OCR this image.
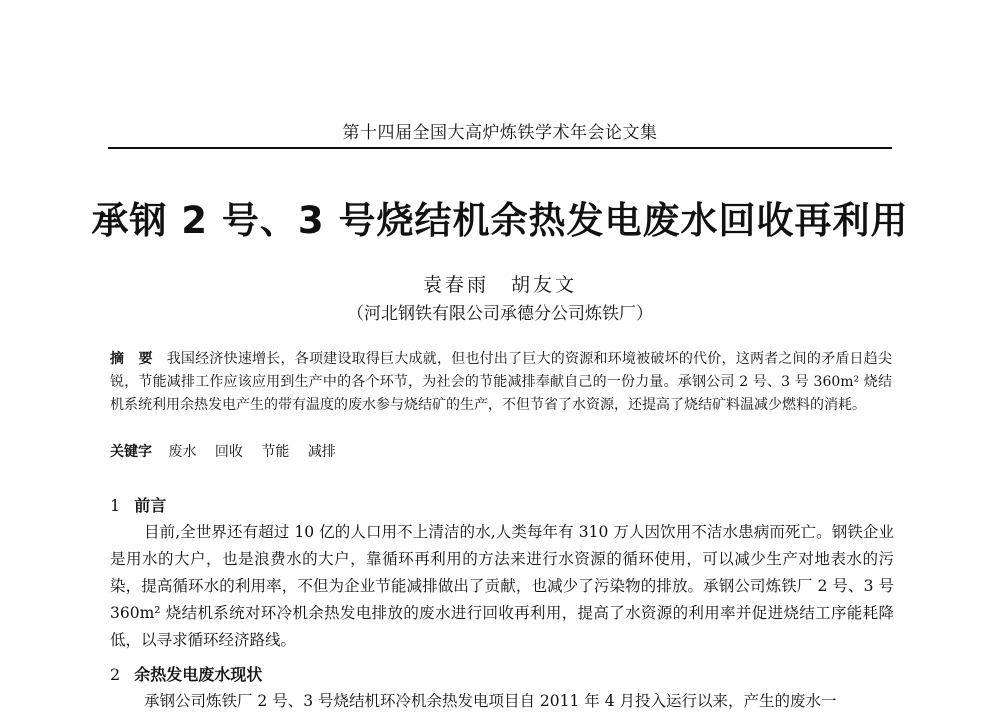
第十四届全国大高炉炼铁学术年会论文集
承钢 2 号、3 号烧结机余热发电废水回收再利用
袁春雨　胡友文
（河北钢铁有限公司承德分公司炼铁厂）
摘　要 我国经济快速增长，各项建设取得巨大成就，但也付出了巨大的资源和环境被破坏的代价，这两者之间的矛盾日趋尖锐，节能减排工作应该应用到生产中的各个环节，为社会的节能减排奉献自己的一份力量。承钢公司 2 号、3 号 360m² 烧结机系统利用余热发电产生的带有温度的废水参与烧结矿的生产，不但节省了水资源，还提高了烧结矿料温减少燃料的消耗。
关键字 废水 回收 节能 减排
1 前言
目前,全世界还有超过 10 亿的人口用不上清洁的水,人类每年有 310 万人因饮用不洁水患病而死亡。钢铁企业是用水的大户，也是浪费水的大户，靠循环再利用的方法来进行水资源的循环使用，可以减少生产对地表水的污染，提高循环水的利用率，不但为企业节能减排做出了贡献，也减少了污染物的排放。承钢公司炼铁厂 2 号、3 号 360m² 烧结机系统对环冷机余热发电排放的废水进行回收再利用，提高了水资源的利用率并促进烧结工序能耗降低，以寻求循环经济路线。
2 余热发电废水现状
承钢公司炼铁厂 2 号、3 号烧结机环冷机余热发电项目自 2011 年 4 月投入运行以来，产生的废水一
